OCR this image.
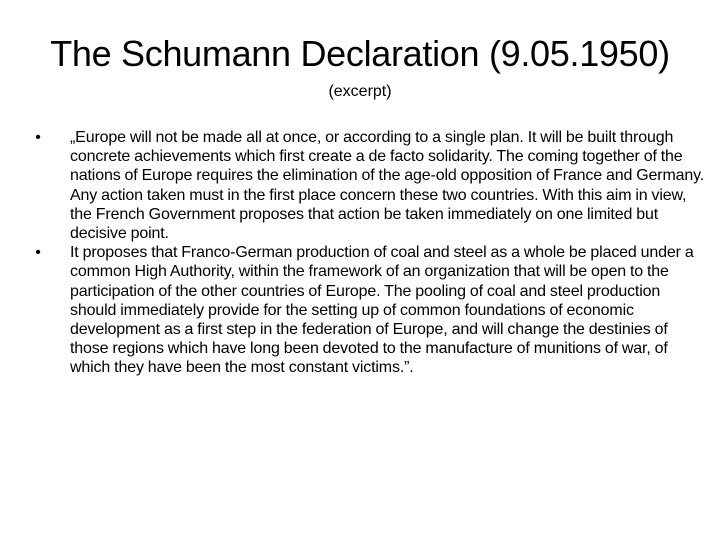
The Schumann Declaration (9.05.1950)
(excerpt)
•	„Europe will not be made all at once, or according to a single plan. It will be built through concrete achievements which first create a de facto solidarity. The coming together of the nations of Europe requires the elimination of the age-old opposition of France and Germany. Any action taken must in the first place concern these two countries. With this aim in view, the French Government proposes that action be taken immediately on one limited but decisive point.
•	It proposes that Franco-German production of coal and steel as a whole be placed under a common High Authority, within the framework of an organization that will be open to the participation of the other countries of Europe. The pooling of coal and steel production should immediately provide for the setting up of common foundations of economic development as a first step in the federation of Europe, and will change the destinies of those regions which have long been devoted to the manufacture of munitions of war, of which they have been the most constant victims.”.
